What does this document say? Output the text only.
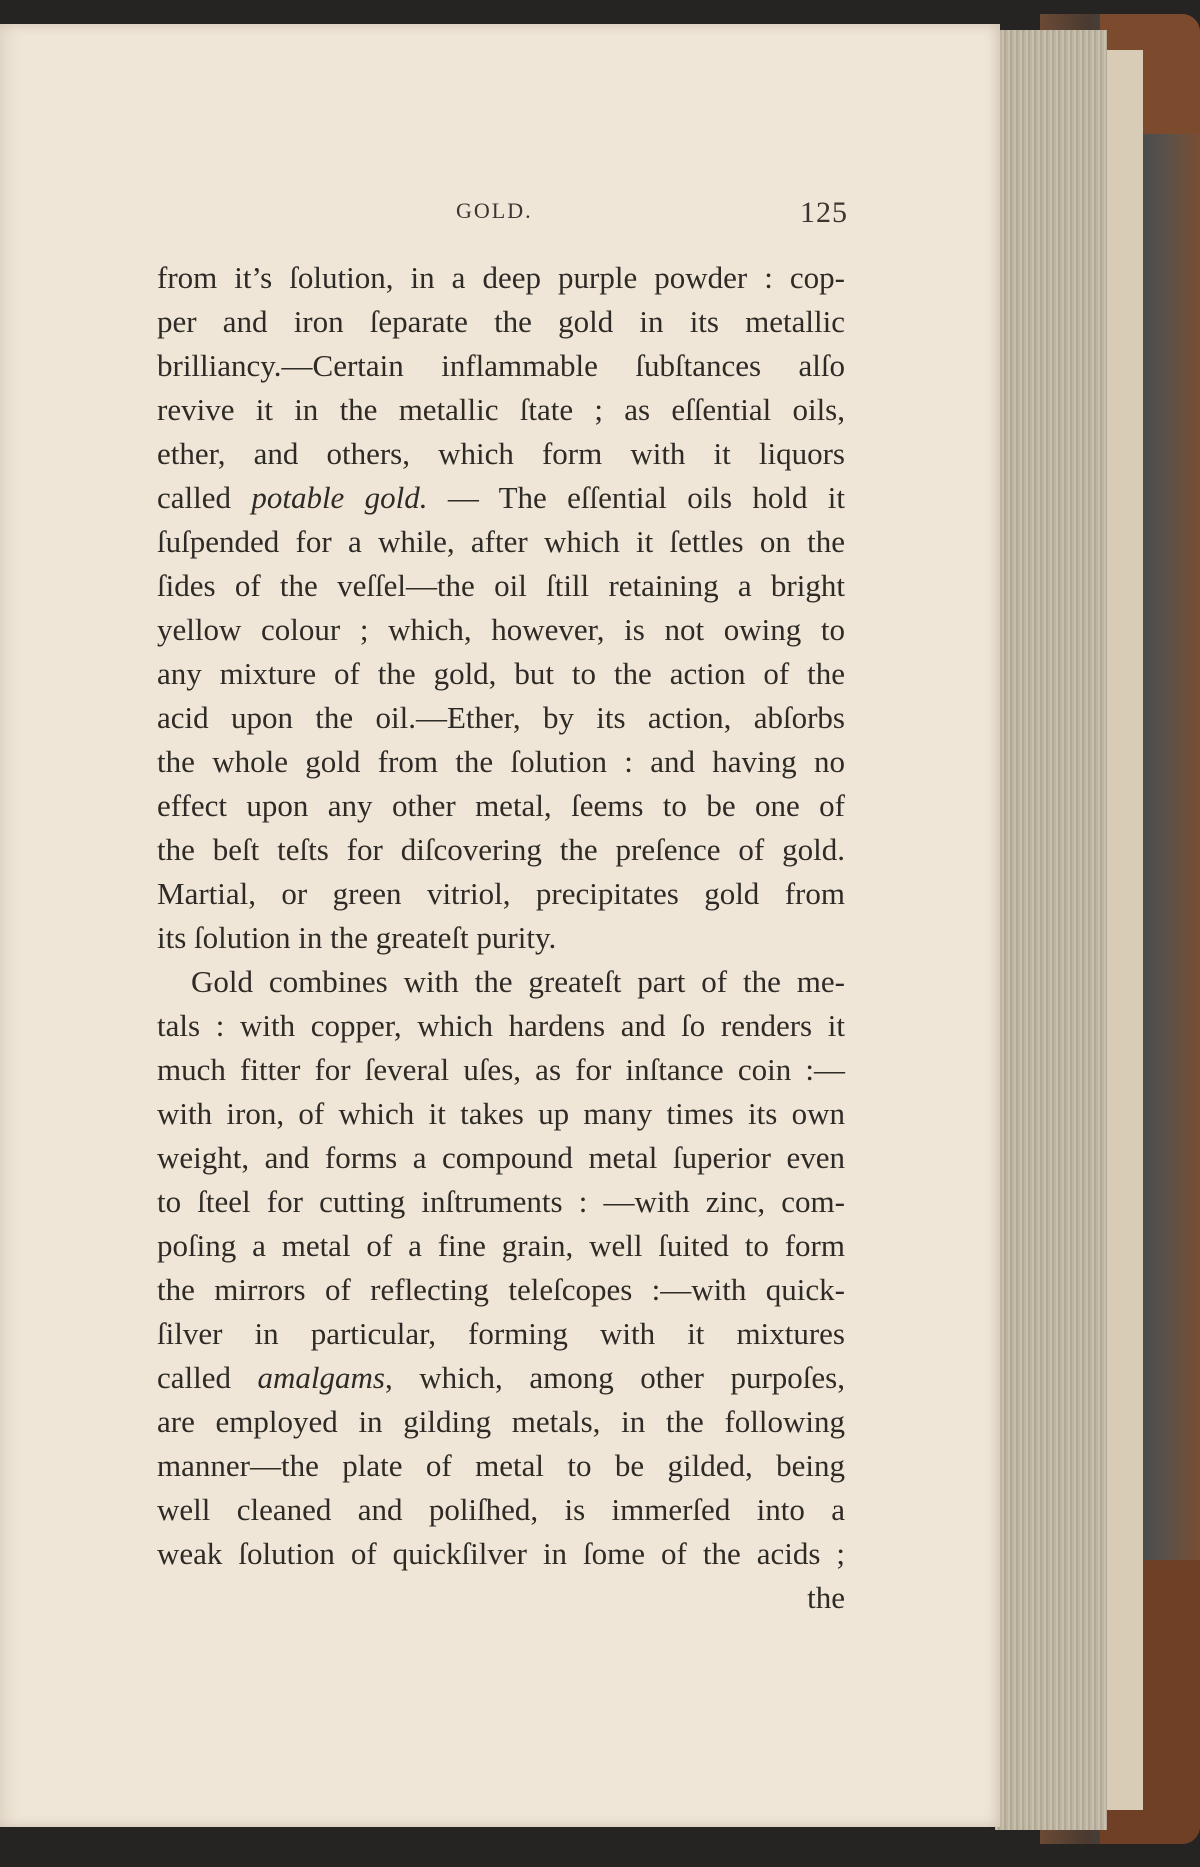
GOLD.	125
from it’s ſolution, in a deep purple powder : cop-
per and iron ſeparate the gold in its metallic
brilliancy.—Certain inflammable ſubſtances alſo
revive it in the metallic ſtate ; as eſſential oils,
ether, and others, which form with it liquors
called potable gold. — The eſſential oils hold it
ſuſpended for a while, after which it ſettles on the
ſides of the veſſel—the oil ſtill retaining a bright
yellow colour ; which, however, is not owing to
any mixture of the gold, but to the action of the
acid upon the oil.—Ether, by its action, abſorbs
the whole gold from the ſolution : and having no
effect upon any other metal, ſeems to be one of
the beſt teſts for diſcovering the preſence of gold.
Martial, or green vitriol, precipitates gold from
its ſolution in the greateſt purity.
Gold combines with the greateſt part of the me-
tals : with copper, which hardens and ſo renders it
much fitter for ſeveral uſes, as for inſtance coin :—
with iron, of which it takes up many times its own
weight, and forms a compound metal ſuperior even
to ſteel for cutting inſtruments : —with zinc, com-
poſing a metal of a fine grain, well ſuited to form
the mirrors of reflecting teleſcopes :—with quick-
ſilver in particular, forming with it mixtures
called amalgams, which, among other purpoſes,
are employed in gilding metals, in the following
manner—the plate of metal to be gilded, being
well cleaned and poliſhed, is immerſed into a
weak ſolution of quickſilver in ſome of the acids ;
the
